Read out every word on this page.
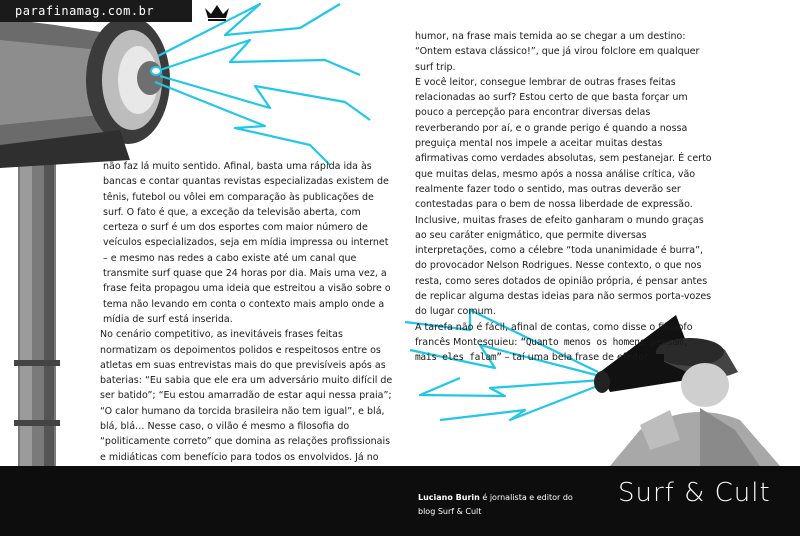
parafinamag.com.br

não faz lá muito sentido. Afinal, basta uma rápida ida às bancas e contar quantas revistas especializadas existem de tênis, futebol ou vôlei em comparação às publicações de surf. O fato é que, a exceção da televisão aberta, com certeza o surf é um dos esportes com maior número de veículos especializados, seja em mídia impressa ou internet – e mesmo nas redes a cabo existe até um canal que transmite surf quase que 24 horas por dia. Mais uma vez, a frase feita propagou uma ideia que estreitou a visão sobre o tema não levando em conta o contexto mais amplo onde a mídia de surf está inserida.

No cenário competitivo, as inevitáveis frases feitas normatizam os depoimentos polidos e respeitosos entre os atletas em suas entrevistas mais do que previsíveis após as baterias: “Eu sabia que ele era um adversário muito difícil de ser batido”; “Eu estou amarradão de estar aqui nessa praia”; “O calor humano da torcida brasileira não tem igual”, e blá, blá, blá… Nesse caso, o vilão é mesmo a filosofia do “politicamente correto” que domina as relações profissionais e midiáticas com benefício para todos os envolvidos. Já no

humor, na frase mais temida ao se chegar a um destino: “Ontem estava clássico!”, que já virou folclore em qualquer surf trip.

E você leitor, consegue lembrar de outras frases feitas relacionadas ao surf? Estou certo de que basta forçar um pouco a percepção para encontrar diversas delas reverberando por aí, e o grande perigo é quando a nossa preguiça mental nos impele a aceitar muitas destas afirmativas como verdades absolutas, sem pestanejar. É certo que muitas delas, mesmo após a nossa análise crítica, vão realmente fazer todo o sentido, mas outras deverão ser contestadas para o bem de nossa liberdade de expressão.

Inclusive, muitas frases de efeito ganharam o mundo graças ao seu caráter enigmático, que permite diversas interpretações, como a célebre “toda unanimidade é burra”, do provocador Nelson Rodrigues. Nesse contexto, o que nos resta, como seres dotados de opinião própria, é pensar antes de replicar alguma destas ideias para não sermos porta-vozes do lugar comum.

A tarefa não é fácil, afinal de contas, como disse o filósofo francês Montesquieu: “Quanto menos os homens pensam, mais eles falam” – taí uma bela frase de efeito!

Luciano Burin é jornalista e editor do blog Surf & Cult
Surf & Cult
